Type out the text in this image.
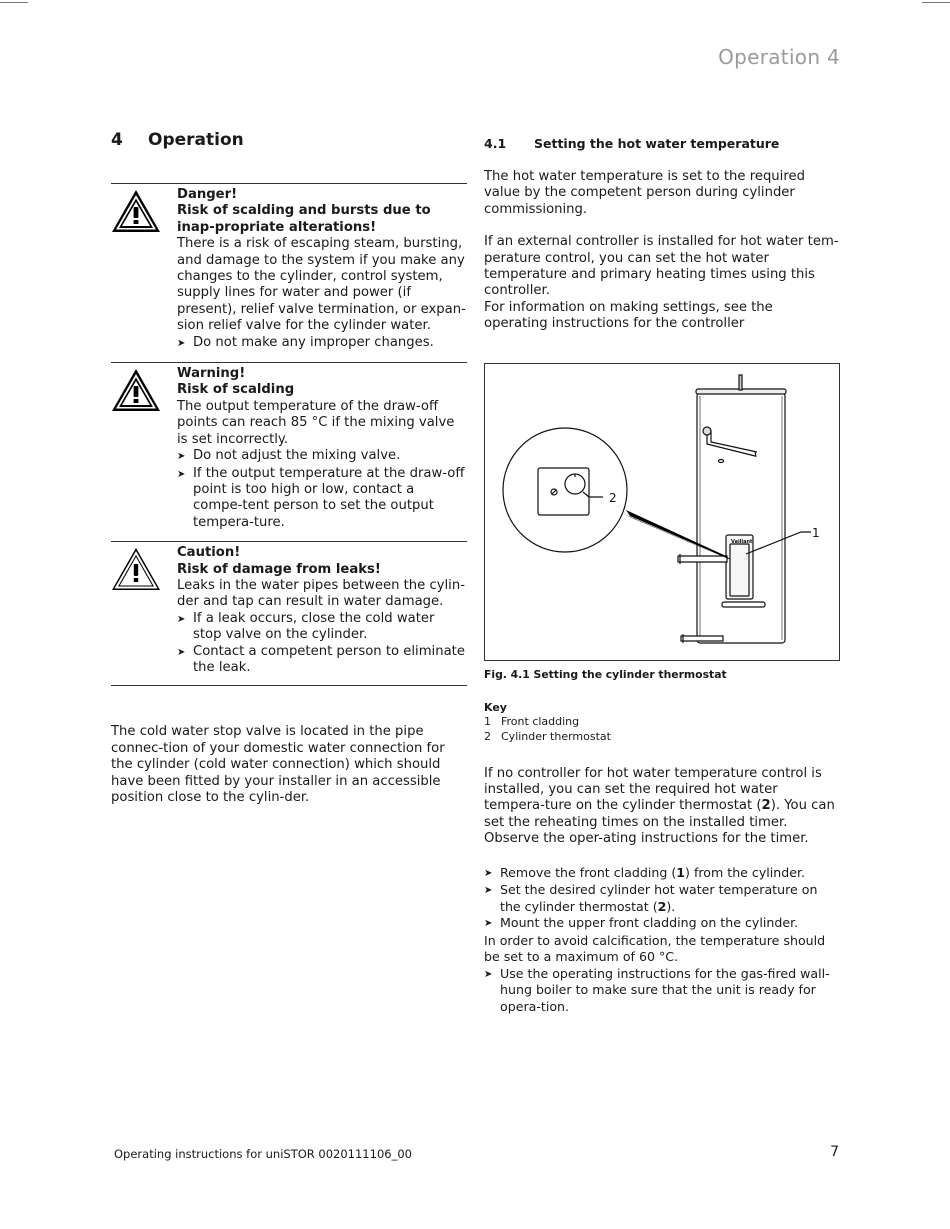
Operation 4
4 Operation
Danger!
Risk of scalding and bursts due to inap-propriate alterations!
There is a risk of escaping steam, bursting, and damage to the system if you make any changes to the cylinder, control system, supply lines for water and power (if present), relief valve termination, or expan-sion relief valve for the cylinder water.
➤ Do not make any improper changes.
Warning!
Risk of scalding
The output temperature of the draw-off points can reach 85 °C if the mixing valve is set incorrectly.
➤ Do not adjust the mixing valve.
➤ If the output temperature at the draw-off point is too high or low, contact a compe-tent person to set the output tempera-ture.
Caution!
Risk of damage from leaks!
Leaks in the water pipes between the cylin-der and tap can result in water damage.
➤ If a leak occurs, close the cold water stop valve on the cylinder.
➤ Contact a competent person to eliminate the leak.

The cold water stop valve is located in the pipe connec-tion of your domestic water connection for the cylinder (cold water connection) which should have been fitted by your installer in an accessible position close to the cylin-der.

4.1	Setting the hot water temperature

The hot water temperature is set to the required value by the competent person during cylinder commissioning.

If an external controller is installed for hot water tem-perature control, you can set the hot water temperature and primary heating times using this controller.

For information on making settings, see the operating instructions for the controller

Vaillant
2
1
Fig. 4.1 Setting the cylinder thermostat
Key
1 Front cladding
2 Cylinder thermostat

If no controller for hot water temperature control is installed, you can set the required hot water tempera-ture on the cylinder thermostat (2). You can set the reheating times on the installed timer. Observe the oper-ating instructions for the timer.

➤ Remove the front cladding (1) from the cylinder.
➤ Set the desired cylinder hot water temperature on the cylinder thermostat (2).
➤ Mount the upper front cladding on the cylinder.

In order to avoid calcification, the temperature should be set to a maximum of 60 °C.

➤ Use the operating instructions for the gas-fired wall-hung boiler to make sure that the unit is ready for opera-tion.
Operating instructions for uniSTOR 0020111106_00	7
